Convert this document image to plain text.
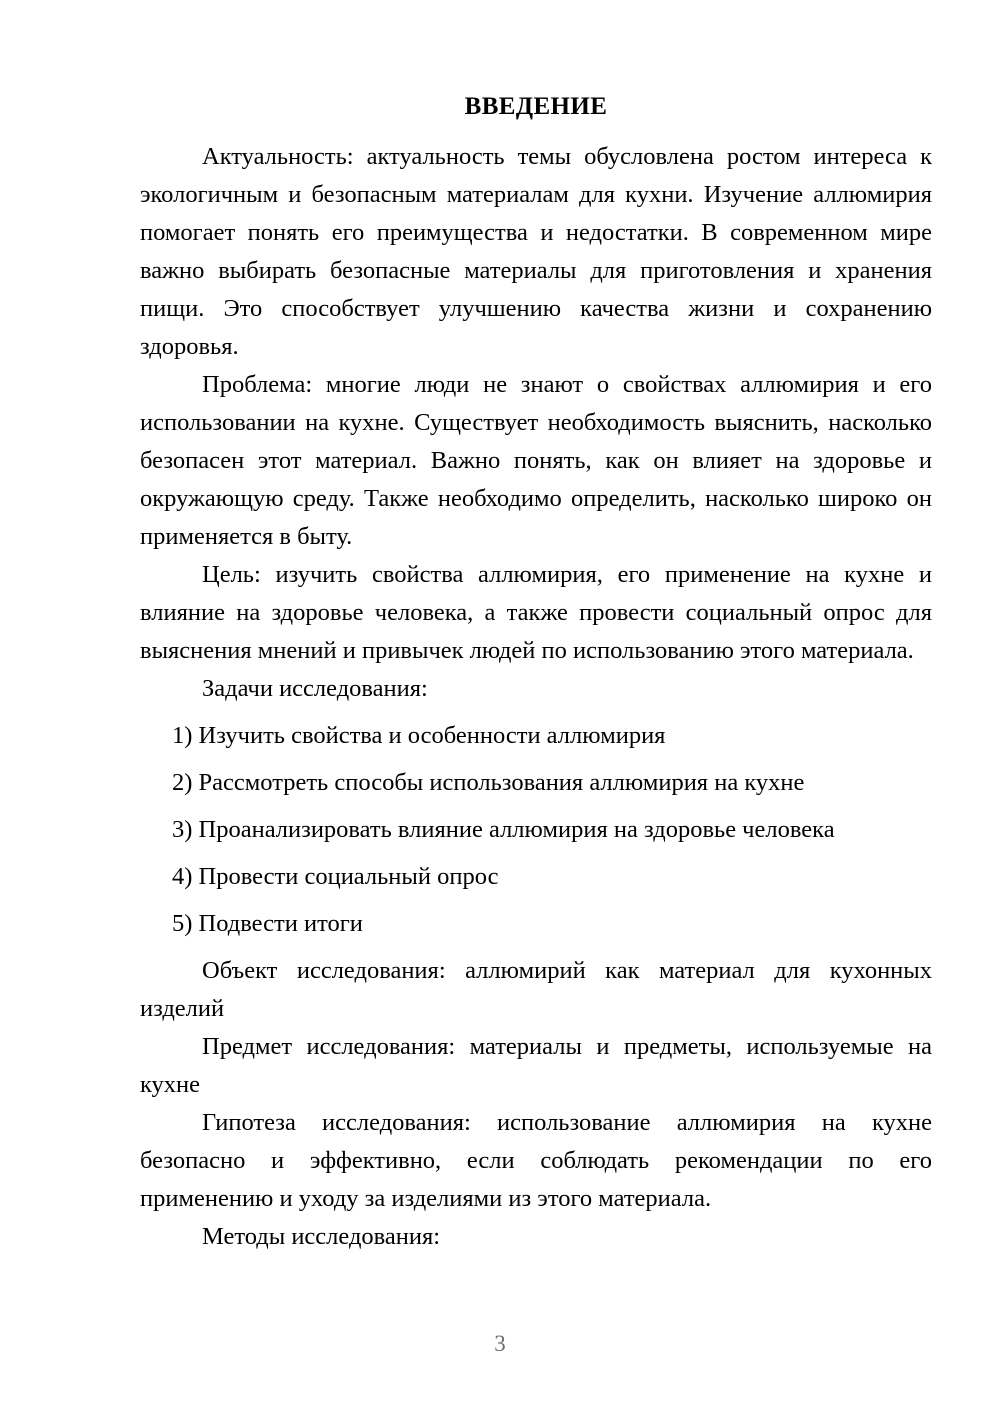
ВВЕДЕНИЕ

Актуальность: актуальность темы обусловлена ростом интереса к экологичным и безопасным материалам для кухни. Изучение аллюмирия помогает понять его преимущества и недостатки. В современном мире важно выбирать безопасные материалы для приготовления и хранения пищи. Это способствует улучшению качества жизни и сохранению здоровья.

Проблема: многие люди не знают о свойствах аллюмирия и его использовании на кухне. Существует необходимость выяснить, насколько безопасен этот материал. Важно понять, как он влияет на здоровье и окружающую среду. Также необходимо определить, насколько широко он применяется в быту.

Цель: изучить свойства аллюмирия, его применение на кухне и влияние на здоровье человека, а также провести социальный опрос для выяснения мнений и привычек людей по использованию этого материала.

Задачи исследования:

1) Изучить свойства и особенности аллюмирия
2) Рассмотреть способы использования аллюмирия на кухне
3) Проанализировать влияние аллюмирия на здоровье человека
4) Провести социальный опрос
5) Подвести итоги

Объект исследования: аллюмирий как материал для кухонных изделий

Предмет исследования: материалы и предметы, используемые на кухне

Гипотеза исследования: использование аллюмирия на кухне безопасно и эффективно, если соблюдать рекомендации по его применению и уходу за изделиями из этого материала.

Методы исследования:

3
